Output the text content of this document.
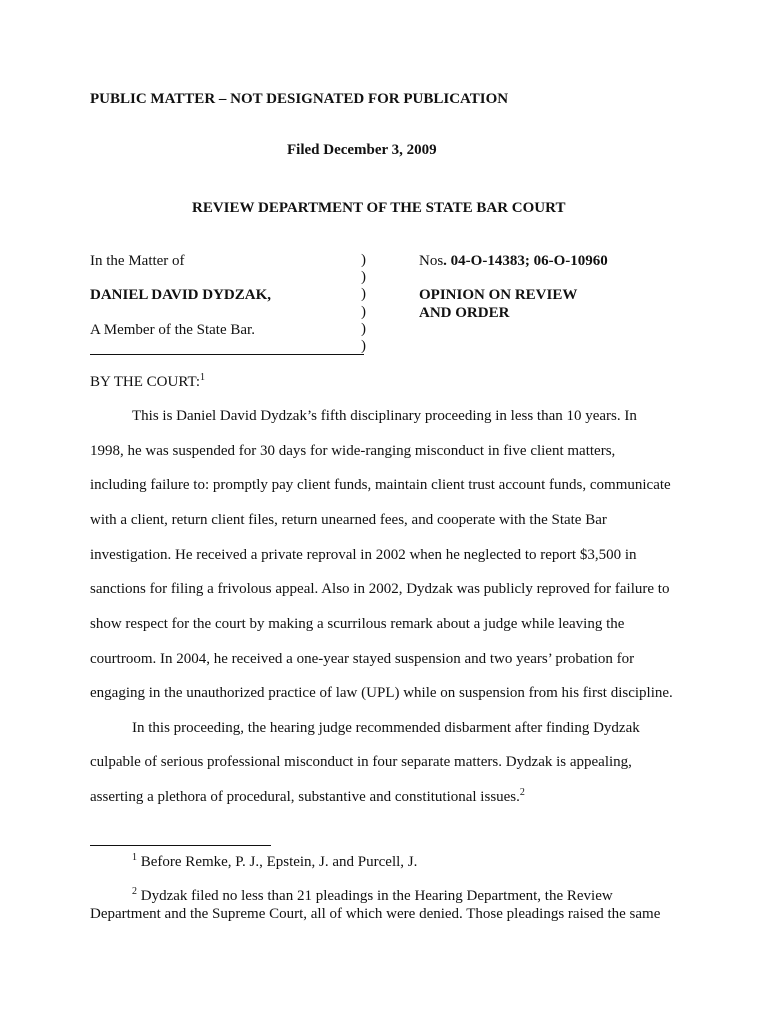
PUBLIC MATTER – NOT DESIGNATED FOR PUBLICATION
Filed December 3, 2009
REVIEW DEPARTMENT OF THE STATE BAR COURT
In the Matter of
DANIEL DAVID DYDZAK,
A Member of the State Bar.
)
)
)
)
)
)
Nos. 04-O-14383; 06-O-10960
OPINION ON REVIEW
AND ORDER
BY THE COURT:$^1$
This is Daniel David Dydzak’s fifth disciplinary proceeding in less than 10 years. In
1998, he was suspended for 30 days for wide-ranging misconduct in five client matters,
including failure to: promptly pay client funds, maintain client trust account funds, communicate
with a client, return client files, return unearned fees, and cooperate with the State Bar
investigation. He received a private reproval in 2002 when he neglected to report $3,500 in
sanctions for filing a frivolous appeal. Also in 2002, Dydzak was publicly reproved for failure to
show respect for the court by making a scurrilous remark about a judge while leaving the
courtroom. In 2004, he received a one-year stayed suspension and two years’ probation for
engaging in the unauthorized practice of law (UPL) while on suspension from his first discipline.
In this proceeding, the hearing judge recommended disbarment after finding Dydzak
culpable of serious professional misconduct in four separate matters. Dydzak is appealing,
asserting a plethora of procedural, substantive and constitutional issues.$^2$
$^1$ Before Remke, P. J., Epstein, J. and Purcell, J.
$^2$ Dydzak filed no less than 21 pleadings in the Hearing Department, the Review
Department and the Supreme Court, all of which were denied. Those pleadings raised the same
